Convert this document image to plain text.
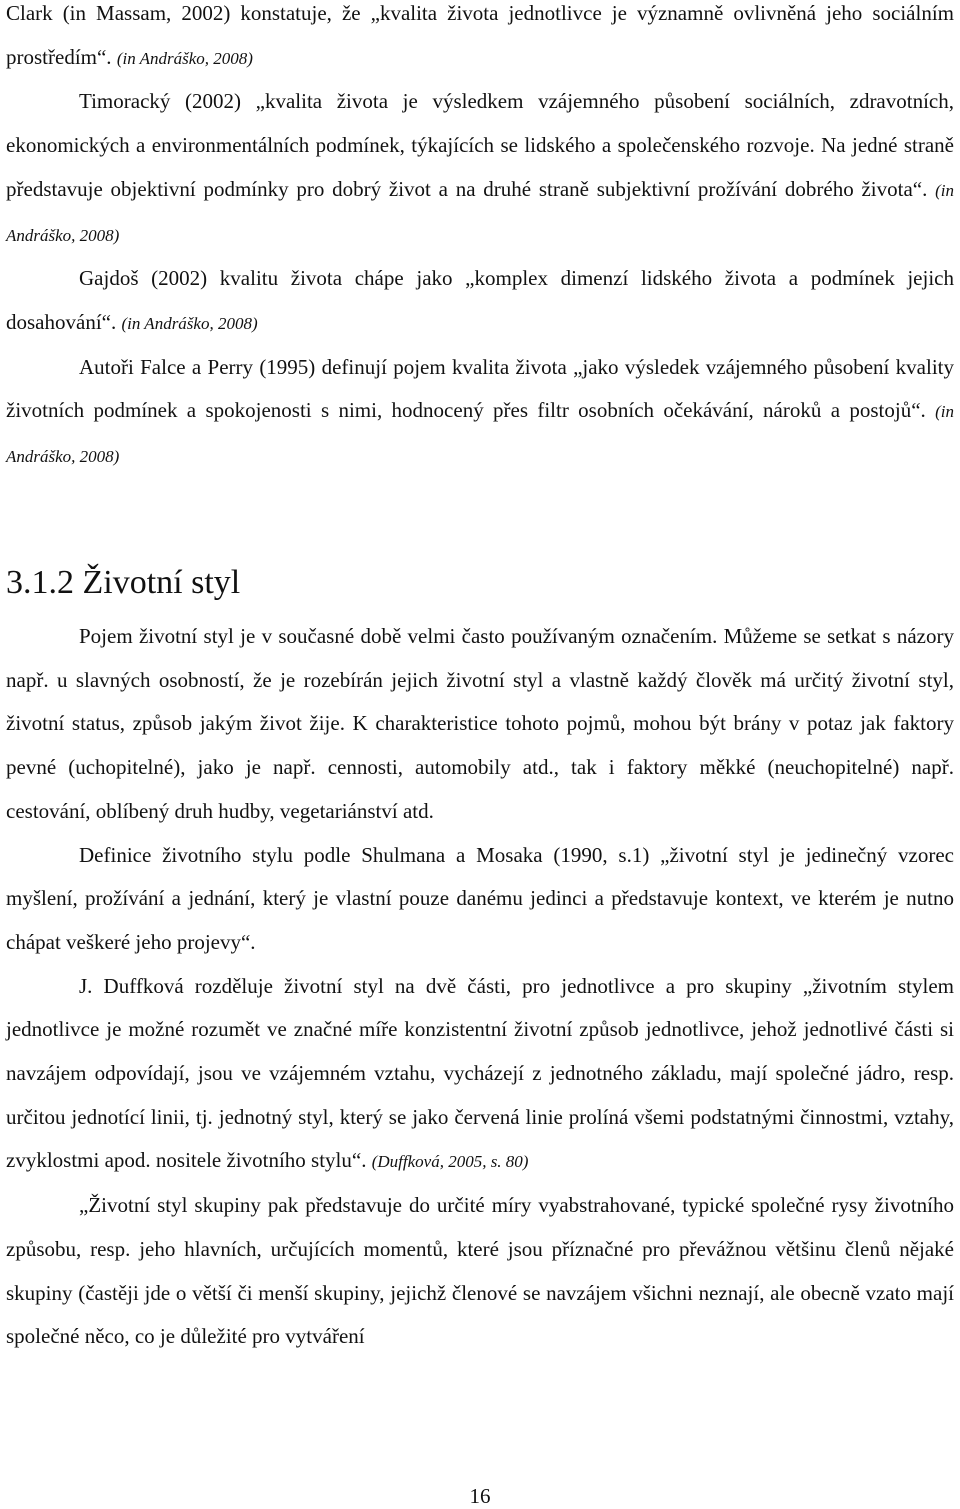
Clark (in Massam, 2002) konstatuje, že „kvalita života jednotlivce je významně ovlivněná jeho sociálním prostředím“. (in Andráško, 2008)

Timoracký (2002) „kvalita života je výsledkem vzájemného působení sociálních, zdravotních, ekonomických a environmentálních podmínek, týkajících se lidského a společenského rozvoje. Na jedné straně představuje objektivní podmínky pro dobrý život a na druhé straně subjektivní prožívání dobrého života“. (in Andráško, 2008)

Gajdoš (2002) kvalitu života chápe jako „komplex dimenzí lidského života a podmínek jejich dosahování“. (in Andráško, 2008)

Autoři Falce a Perry (1995) definují pojem kvalita života „jako výsledek vzájemného působení kvality životních podmínek a spokojenosti s nimi, hodnocený přes filtr osobních očekávání, nároků a postojů“. (in Andráško, 2008)

3.1.2 Životní styl

Pojem životní styl je v současné době velmi často používaným označením. Můžeme se setkat s názory např. u slavných osobností, že je rozebírán jejich životní styl a vlastně každý člověk má určitý životní styl, životní status, způsob jakým život žije. K charakteristice tohoto pojmů, mohou být brány v potaz jak faktory pevné (uchopitelné), jako je např. cennosti, automobily atd., tak i faktory měkké (neuchopitelné) např. cestování, oblíbený druh hudby, vegetariánství atd.

Definice životního stylu podle Shulmana a Mosaka (1990, s.1) „životní styl je jedinečný vzorec myšlení, prožívání a jednání, který je vlastní pouze danému jedinci a představuje kontext, ve kterém je nutno chápat veškeré jeho projevy“.

J. Duffková rozděluje životní styl na dvě části, pro jednotlivce a pro skupiny „životním stylem jednotlivce je možné rozumět ve značné míře konzistentní životní způsob jednotlivce, jehož jednotlivé části si navzájem odpovídají, jsou ve vzájemném vztahu, vycházejí z jednotného základu, mají společné jádro, resp. určitou jednotící linii, tj. jednotný styl, který se jako červená linie prolíná všemi podstatnými činnostmi, vztahy, zvyklostmi apod. nositele životního stylu“. (Duffková, 2005, s. 80)

„Životní styl skupiny pak představuje do určité míry vyabstrahované, typické společné rysy životního způsobu, resp. jeho hlavních, určujících momentů, které jsou příznačné pro převážnou většinu členů nějaké skupiny (častěji jde o větší či menší skupiny, jejichž členové se navzájem všichni neznají, ale obecně vzato mají společné něco, co je důležité pro vytváření

16
